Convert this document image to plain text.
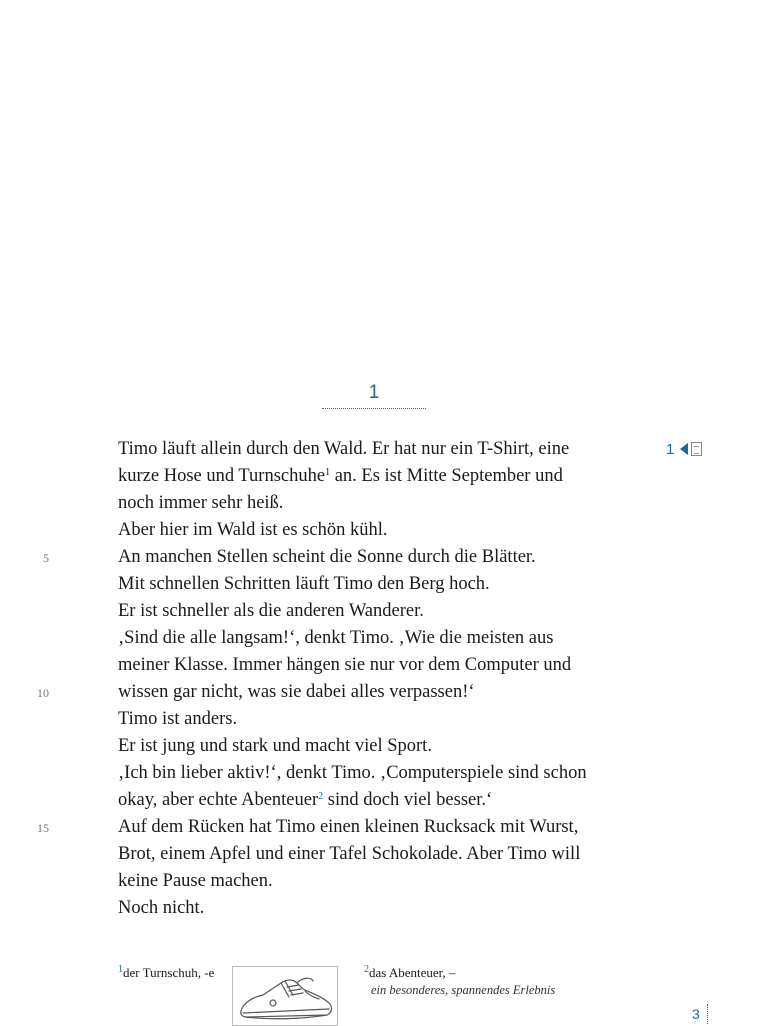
1
1
Timo läuft allein durch den Wald. Er hat nur ein T-Shirt, eine
kurze Hose und Turnschuhe$^1$ an. Es ist Mitte September und
noch immer sehr heiß.
Aber hier im Wald ist es schön kühl.
5	An manchen Stellen scheint die Sonne durch die Blätter.
Mit schnellen Schritten läuft Timo den Berg hoch.
Er ist schneller als die anderen Wanderer.
‚Sind die alle langsam!‘, denkt Timo. ‚Wie die meisten aus
meiner Klasse. Immer hängen sie nur vor dem Computer und
10	wissen gar nicht, was sie dabei alles verpassen!‘
Timo ist anders.
Er ist jung und stark und macht viel Sport.
‚Ich bin lieber aktiv!‘, denkt Timo. ‚Computerspiele sind schon
okay, aber echte Abenteuer$^2$ sind doch viel besser.‘
15	Auf dem Rücken hat Timo einen kleinen Rucksack mit Wurst,
Brot, einem Apfel und einer Tafel Schokolade. Aber Timo will
keine Pause machen.
Noch nicht.
$^1$der Turnschuh, -e	$^2$das Abenteuer, –
ein besonderes, spannendes Erlebnis
3
